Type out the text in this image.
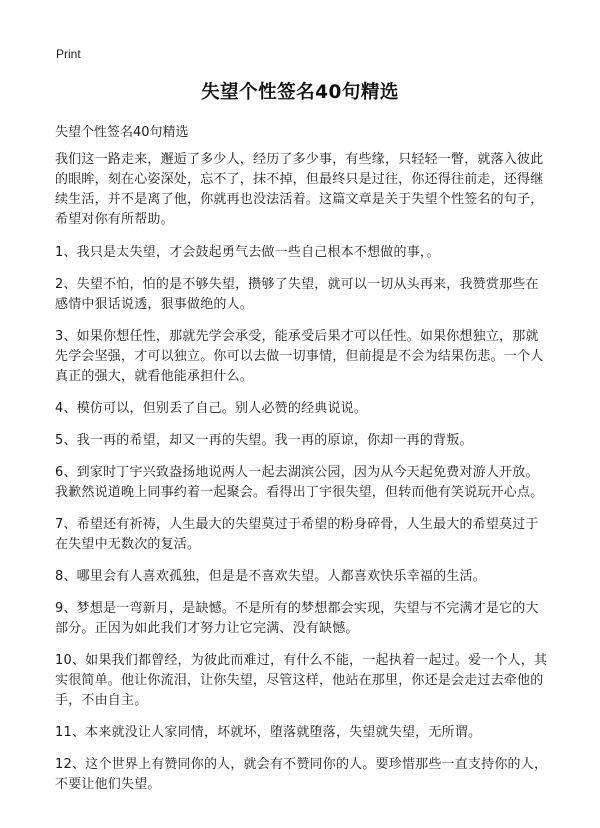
Print
失望个性签名40句精选
失望个性签名40句精选

我们这一路走来，邂逅了多少人，经历了多少事，有些缘，只轻轻一瞥，就落入彼此的眼眸，刻在心姿深处，忘不了，抹不掉，但最终只是过往，你还得往前走，还得继续生活，并不是离了他，你就再也没法活着。这篇文章是关于失望个性签名的句子，希望对你有所帮助。

1、我只是太失望，才会鼓起勇气去做一些自己根本不想做的事，。

2、失望不怕，怕的是不够失望，攒够了失望，就可以一切从头再来，我赞赏那些在感情中狠话说透，狠事做绝的人。

3、如果你想任性，那就先学会承受，能承受后果才可以任性。如果你想独立，那就先学会坚强，才可以独立。你可以去做一切事情，但前提是不会为结果伤悲。一个人真正的强大，就看他能承担什么。

4、模仿可以，但别丢了自己。别人必赞的经典说说。

5、我一再的希望，却又一再的失望。我一再的原谅，你却一再的背叛。

6、到家时丁宇兴致盎扬地说两人一起去湖滨公园，因为从今天起免费对游人开放。我歉然说道晚上同事约着一起聚会。看得出丁宇很失望，但转而他有笑说玩开心点。

7、希望还有祈祷，人生最大的失望莫过于希望的粉身碎骨，人生最大的希望莫过于在失望中无数次的复活。

8、哪里会有人喜欢孤独，但是是不喜欢失望。人都喜欢快乐幸福的生活。

9、梦想是一弯新月，是缺憾。不是所有的梦想都会实现，失望与不完满才是它的大部分。正因为如此我们才努力让它完满、没有缺憾。

10、如果我们都曾经，为彼此而难过，有什么不能，一起执着一起过。爱一个人，其实很简单。他让你流泪，让你失望，尽管这样，他站在那里，你还是会走过去牵他的手，不由自主。

11、本来就没让人家同情，坏就坏，堕落就堕落，失望就失望，无所谓。

12、这个世界上有赞同你的人，就会有不赞同你的人。要珍惜那些一直支持你的人，不要让他们失望。
